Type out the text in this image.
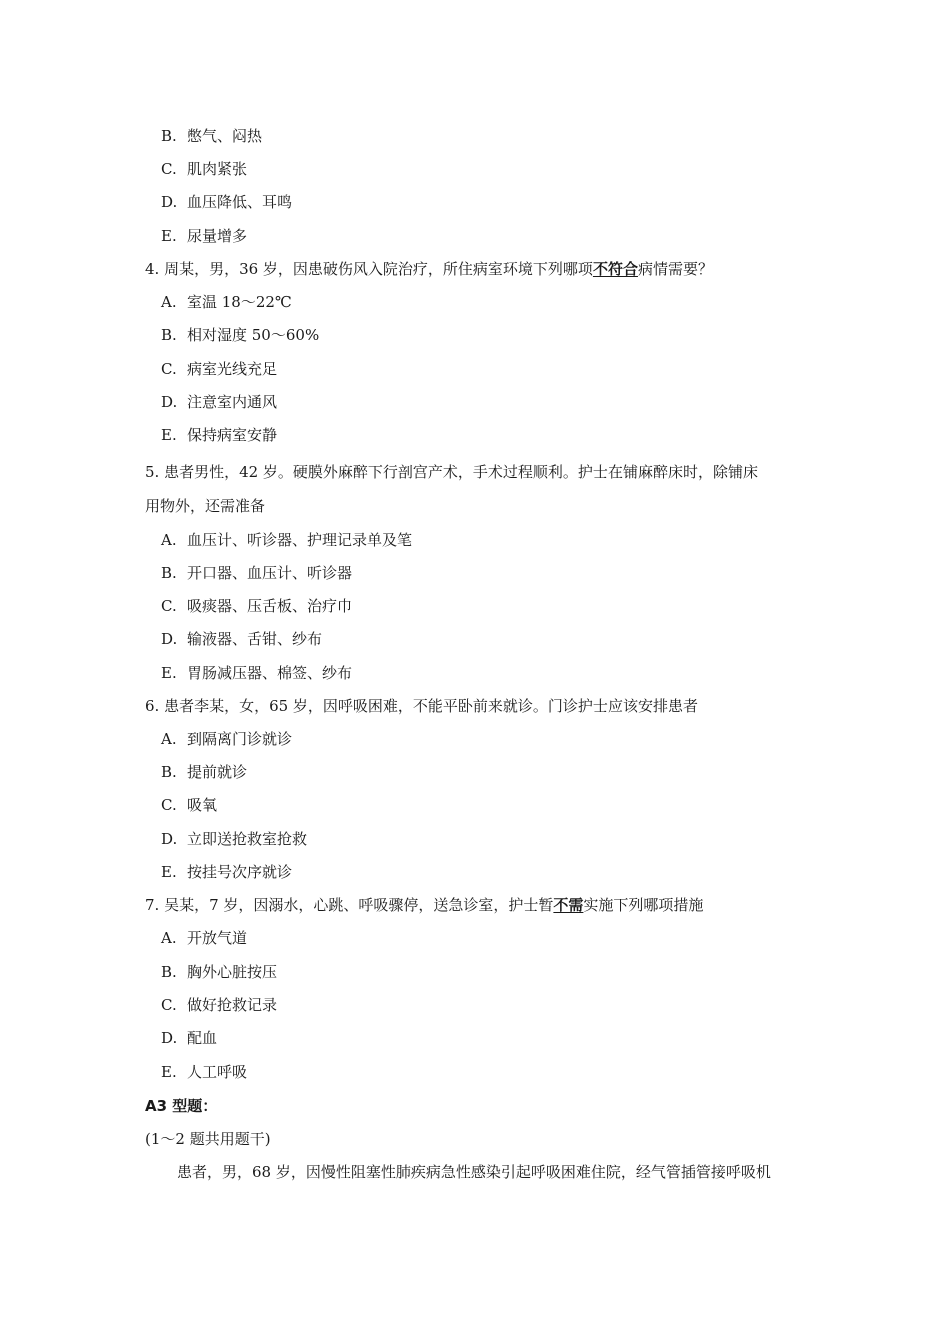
B. 憋气、闷热
C. 肌肉紧张
D. 血压降低、耳鸣
E. 尿量增多
4. 周某，男，36 岁，因患破伤风入院治疗，所住病室环境下列哪项不符合病情需要？
A. 室温 18～22℃
B. 相对湿度 50～60%
C. 病室光线充足
D. 注意室内通风
E. 保持病室安静
5. 患者男性，42 岁。硬膜外麻醉下行剖宫产术，手术过程顺利。护士在铺麻醉床时，除铺床
用物外，还需准备
A. 血压计、听诊器、护理记录单及笔
B. 开口器、血压计、听诊器
C. 吸痰器、压舌板、治疗巾
D. 输液器、舌钳、纱布
E. 胃肠减压器、棉签、纱布
6. 患者李某，女，65 岁，因呼吸困难，不能平卧前来就诊。门诊护士应该安排患者
A. 到隔离门诊就诊
B. 提前就诊
C. 吸氧
D. 立即送抢救室抢救
E. 按挂号次序就诊
7. 吴某，7 岁，因溺水，心跳、呼吸骤停，送急诊室，护士暂不需实施下列哪项措施
A. 开放气道
B. 胸外心脏按压
C. 做好抢救记录
D. 配血
E. 人工呼吸
A3 型题：
(1～2 题共用题干)
患者，男，68 岁，因慢性阻塞性肺疾病急性感染引起呼吸困难住院，经气管插管接呼吸机
